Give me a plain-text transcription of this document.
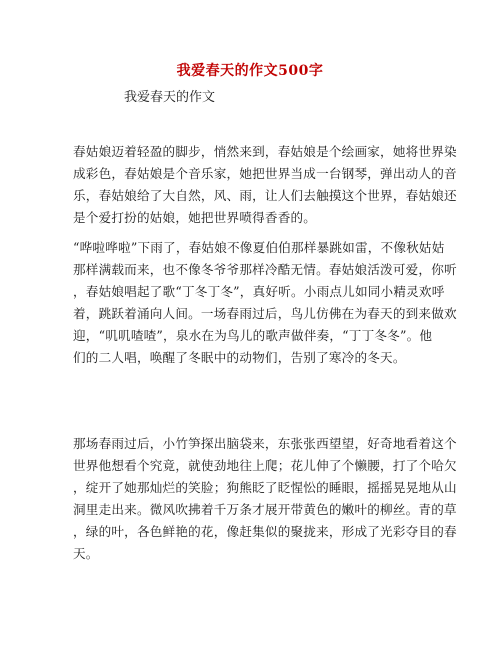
我爱春天的作文500字
我爱春天的作文
春姑娘迈着轻盈的脚步，悄然来到，春姑娘是个绘画家，她将世界染
成彩色，春姑娘是个音乐家，她把世界当成一台钢琴，弹出动人的音
乐，春姑娘给了大自然，风、雨，让人们去触摸这个世界，春姑娘还
是个爱打扮的姑娘，她把世界喷得香香的。
“哗啦哗啦”下雨了，春姑娘不像夏伯伯那样暴跳如雷，不像秋姑姑
那样满载而来，也不像冬爷爷那样冷酷无情。春姑娘活泼可爱，你听
，春姑娘唱起了歌“丁冬丁冬”，真好听。小雨点儿如同小精灵欢呼
着，跳跃着涌向人间。一场春雨过后，鸟儿仿佛在为春天的到来做欢
迎，“叽叽喳喳”，泉水在为鸟儿的歌声做伴奏，“丁丁冬冬”。他
们的二人唱，唤醒了冬眠中的动物们，告别了寒冷的冬天。
那场春雨过后，小竹笋探出脑袋来，东张张西望望，好奇地看着这个
世界他想看个究竟，就使劲地往上爬；花儿伸了个懒腰，打了个哈欠
，绽开了她那灿烂的笑脸；狗熊眨了眨惺忪的睡眼，摇摇晃晃地从山
洞里走出来。微风吹拂着千万条才展开带黄色的嫩叶的柳丝。青的草
，绿的叶，各色鲜艳的花，像赶集似的聚拢来，形成了光彩夺目的春
天。
